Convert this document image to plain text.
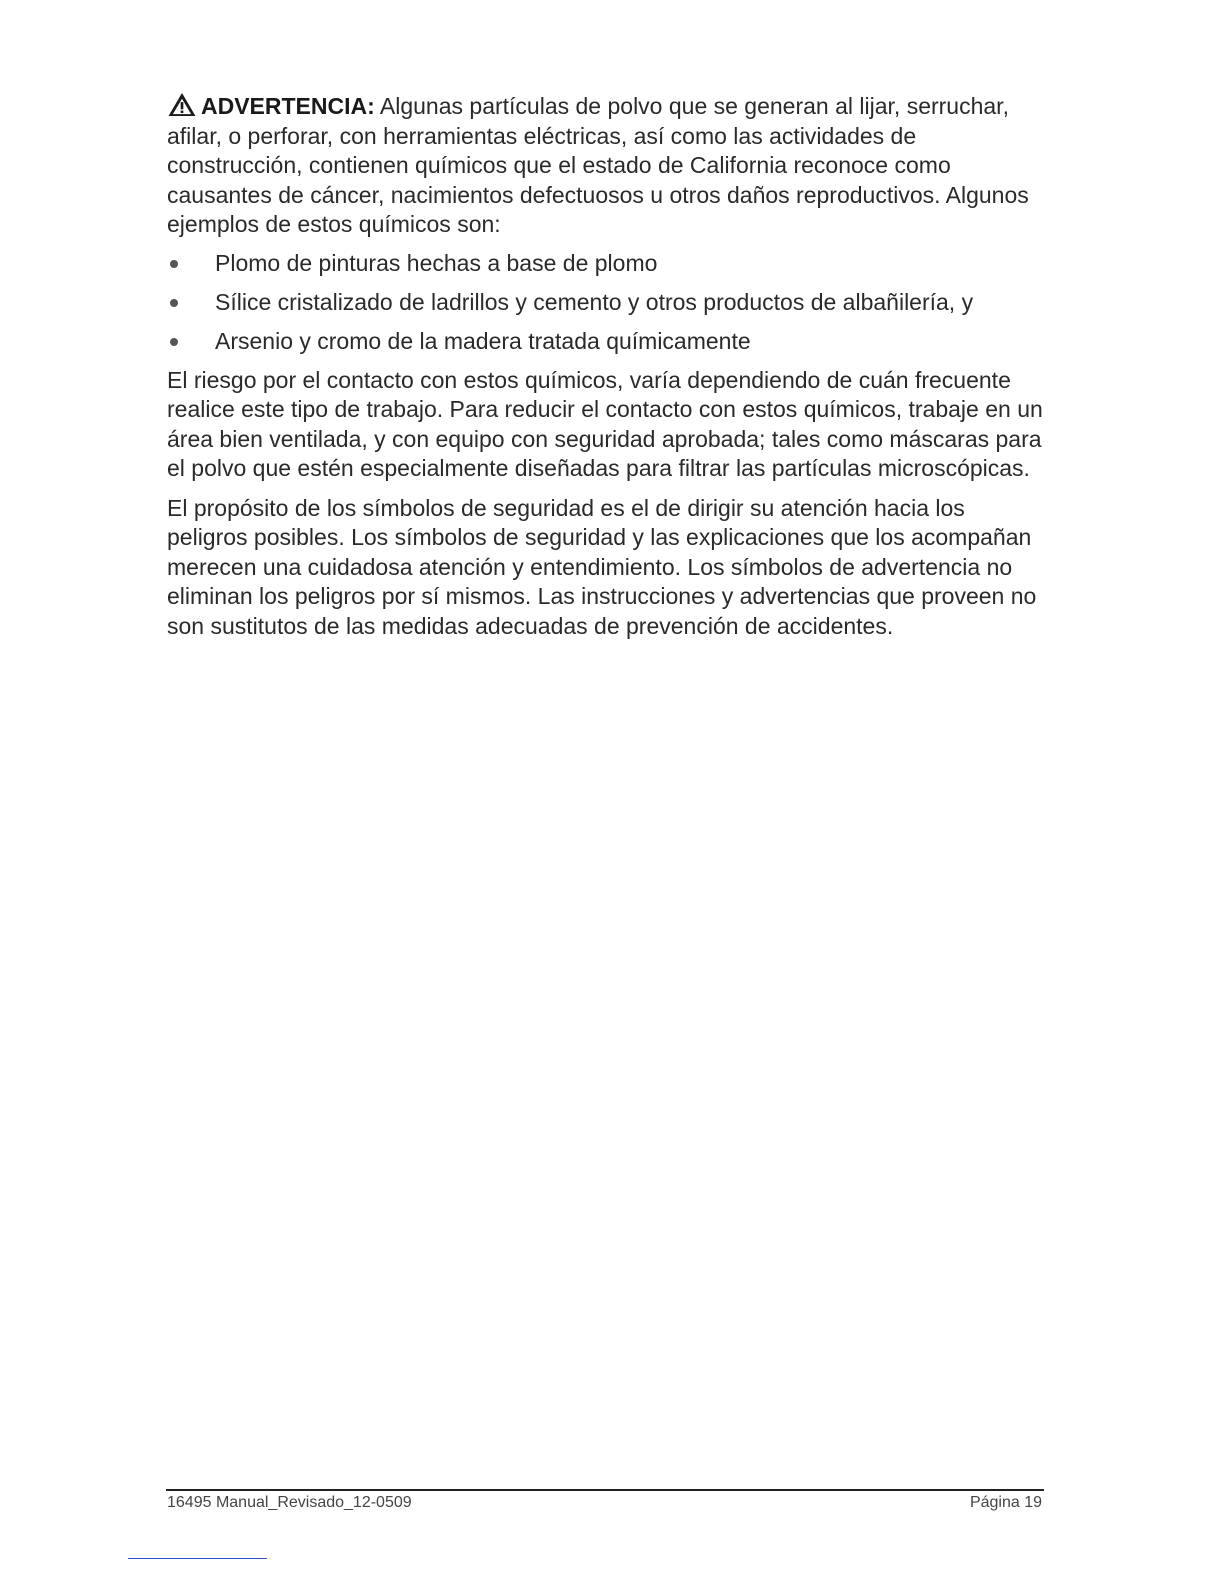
ADVERTENCIA: Algunas partículas de polvo que se generan al lijar, serruchar, afilar, o perforar, con herramientas eléctricas, así como las actividades de construcción, contienen químicos que el estado de California reconoce como causantes de cáncer, nacimientos defectuosos u otros daños reproductivos. Algunos ejemplos de estos químicos son:
Plomo de pinturas hechas a base de plomo
Sílice cristalizado de ladrillos y cemento y otros productos de albañilería, y
Arsenio y cromo de la madera tratada químicamente

El riesgo por el contacto con estos químicos, varía dependiendo de cuán frecuente realice este tipo de trabajo. Para reducir el contacto con estos químicos, trabaje en un área bien ventilada, y con equipo con seguridad aprobada; tales como máscaras para el polvo que estén especialmente diseñadas para filtrar las partículas microscópicas.

El propósito de los símbolos de seguridad es el de dirigir su atención hacia los peligros posibles. Los símbolos de seguridad y las explicaciones que los acompañan merecen una cuidadosa atención y entendimiento. Los símbolos de advertencia no eliminan los peligros por sí mismos. Las instrucciones y advertencias que proveen no son sustitutos de las medidas adecuadas de prevención de accidentes.

16495 Manual_Revisado_12-0509	Página 19
